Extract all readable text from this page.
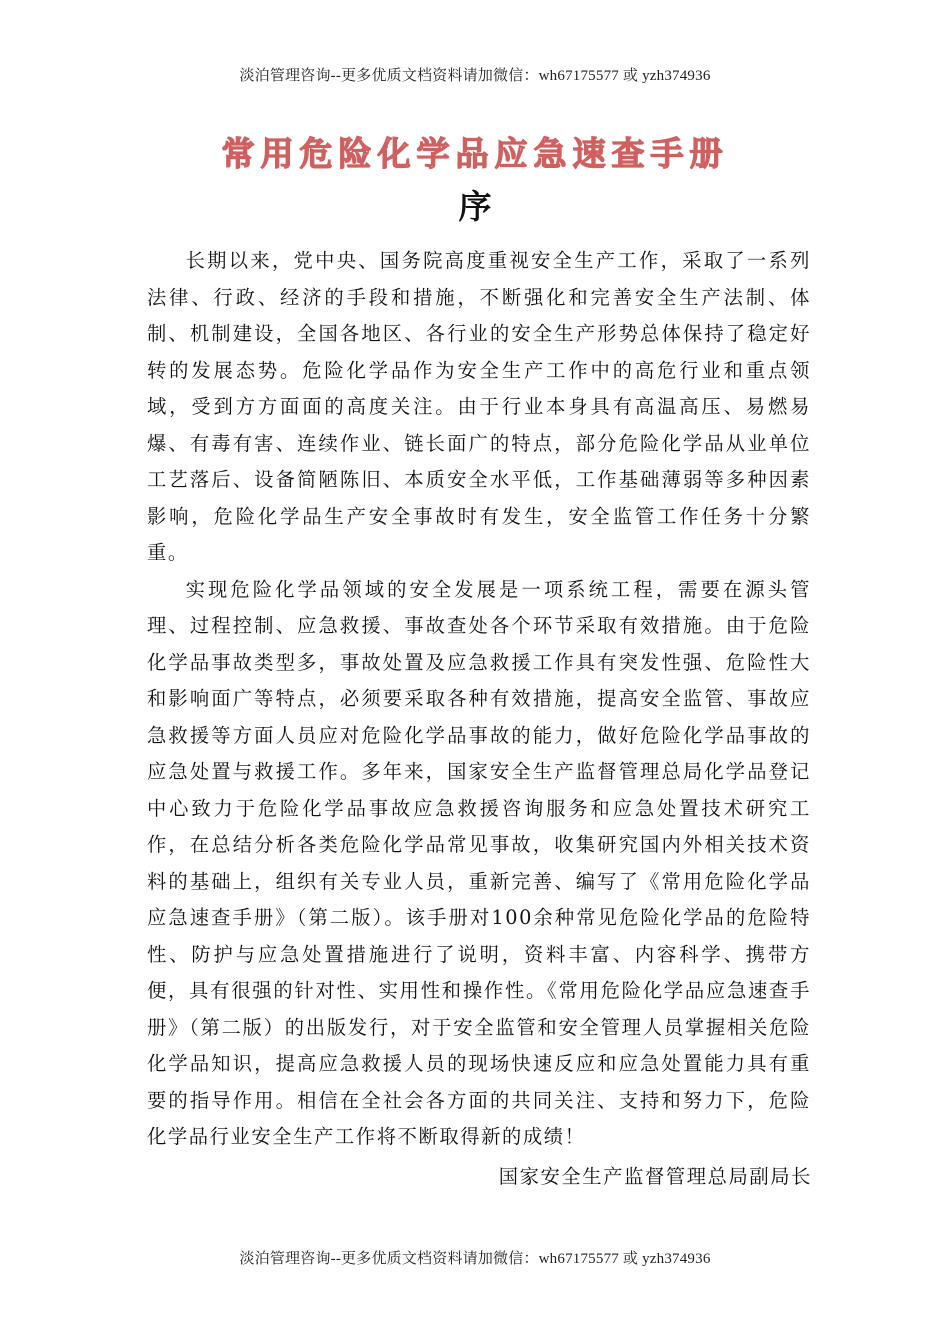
淡泊管理咨询--更多优质文档资料请加微信：wh67175577 或 yzh374936
常用危险化学品应急速查手册
序

长期以来，党中央、国务院高度重视安全生产工作，采取了一系列法律、行政、经济的手段和措施，不断强化和完善安全生产法制、体制、机制建设，全国各地区、各行业的安全生产形势总体保持了稳定好转的发展态势。危险化学品作为安全生产工作中的高危行业和重点领域，受到方方面面的高度关注。由于行业本身具有高温高压、易燃易爆、有毒有害、连续作业、链长面广的特点，部分危险化学品从业单位工艺落后、设备简陋陈旧、本质安全水平低，工作基础薄弱等多种因素影响，危险化学品生产安全事故时有发生，安全监管工作任务十分繁重。

实现危险化学品领域的安全发展是一项系统工程，需要在源头管理、过程控制、应急救援、事故查处各个环节采取有效措施。由于危险化学品事故类型多，事故处置及应急救援工作具有突发性强、危险性大和影响面广等特点，必须要采取各种有效措施，提高安全监管、事故应急救援等方面人员应对危险化学品事故的能力，做好危险化学品事故的应急处置与救援工作。多年来，国家安全生产监督管理总局化学品登记中心致力于危险化学品事故应急救援咨询服务和应急处置技术研究工作，在总结分析各类危险化学品常见事故，收集研究国内外相关技术资料的基础上，组织有关专业人员，重新完善、编写了《常用危险化学品应急速查手册》（第二版）。该手册对100余种常见危险化学品的危险特性、防护与应急处置措施进行了说明，资料丰富、内容科学、携带方便，具有很强的针对性、实用性和操作性。《常用危险化学品应急速查手册》（第二版）的出版发行，对于安全监管和安全管理人员掌握相关危险化学品知识，提高应急救援人员的现场快速反应和应急处置能力具有重要的指导作用。相信在全社会各方面的共同关注、支持和努力下，危险化学品行业安全生产工作将不断取得新的成绩！

国家安全生产监督管理总局副局长
淡泊管理咨询--更多优质文档资料请加微信：wh67175577 或 yzh374936
